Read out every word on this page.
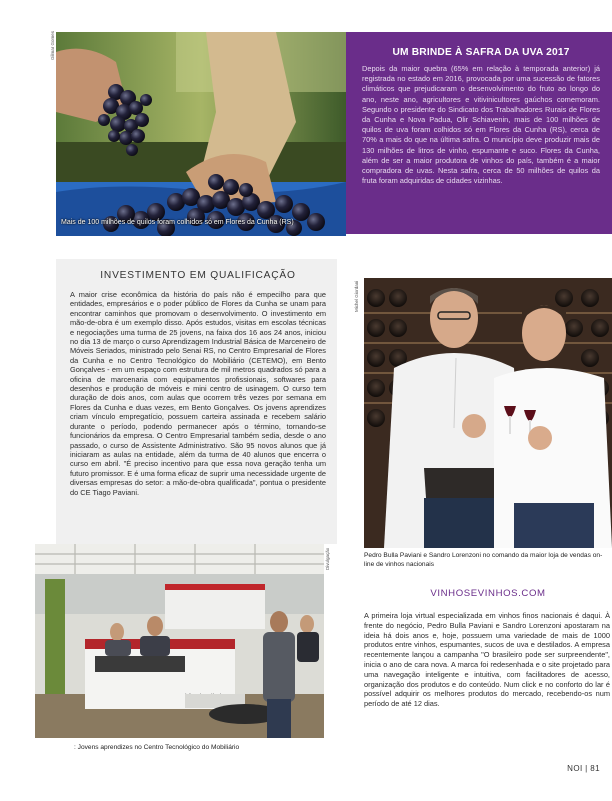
Gilmar Gomes
Mais de 100 milhões de quilos foram colhidos só em Flores da Cunha (RS)
UM BRINDE À SAFRA DA UVA 2017
Depois da maior quebra (65% em relação à temporada anterior) já registrada no estado em 2016, provocada por uma sucessão de fatores climáticos que prejudicaram o desenvolvimento do fruto ao longo do ano, neste ano, agricultores e vitivinicultores gaúchos comemoram. Segundo o presidente do Sindicato dos Trabalhadores Rurais de Flores da Cunha e Nova Padua, Olir Schiavenin, mais de 100 milhões de quilos de uva foram colhidos só em Flores da Cunha (RS), cerca de 70% a mais do que na última safra. O município deve produzir mais de 130 milhões de litros de vinho, espumante e suco. Flores da Cunha, além de ser a maior produtora de vinhos do país, também é a maior compradora de uvas. Nesta safra, cerca de 50 milhões de quilos da fruta foram adquiridas de cidades vizinhas.
INVESTIMENTO EM QUALIFICAÇÃO
A maior crise econômica da história do país não é empecilho para que entidades, empresários e o poder público de Flores da Cunha se unam para encontrar caminhos que promovam o desenvolvimento. O investimento em mão-de-obra é um exemplo disso. Após estudos, visitas em escolas técnicas e negociações uma turma de 25 jovens, na faixa dos 16 aos 24 anos, iniciou no dia 13 de março o curso Aprendizagem Industrial Básica de Marceneiro de Móveis Seriados, ministrado pelo Senai RS, no Centro Empresarial de Flores da Cunha e no Centro Tecnológico do Mobiliário (CETEMO), em Bento Gonçalves - em um espaço com estrutura de mil metros quadrados só para a oficina de marcenaria com equipamentos profissionais, softwares para desenhos e produção de móveis e mini centro de usinagem. O curso tem duração de dois anos, com aulas que ocorrem três vezes por semana em Flores da Cunha e duas vezes, em Bento Gonçalves. Os jovens aprendizes criam vínculo empregatício, possuem carteira assinada e recebem salário durante o período, podendo permanecer após o término, tornando-se funcionários da empresa. O Centro Empresarial também sedia, desde o ano passado, o curso de Assistente Administrativo. São 95 novos alunos que já iniciaram as aulas na entidade, além da turma de 40 alunos que encerra o curso em abril. "É preciso incentivo para que essa nova geração tenha um futuro promissor. E é uma forma eficaz de suprir uma necessidade urgente de diversas empresas do setor: a mão-de-obra qualificada", pontua o presidente do CE Tiago Paviani.
Michel Giordani
Pedro Bulla Paviani e Sandro Lorenzoni no comando da maior loja de vendas on-line de vinhos nacionais
Divulgação
: Jovens aprendizes no Centro Tecnológico do Mobiliário
VINHOSEVINHOS.COM
A primeira loja virtual especializada em vinhos finos nacionais é daqui. À frente do negócio, Pedro Bulla Paviani e Sandro Lorenzoni apostaram na ideia há dois anos e, hoje, possuem uma variedade de mais de 1000 produtos entre vinhos, espumantes, sucos de uva e destilados. A empresa recentemente lançou a campanha "O brasileiro pode ser surpreendente", inicia o ano de cara nova. A marca foi redesenhada e o site projetado para uma navegação inteligente e intuitiva, com facilitadores de acesso, organização dos produtos e do conteúdo. Num click e no conforto do lar é possível adquirir os melhores produtos do mercado, recebendo-os num período de até 12 dias.
NOI | 81
